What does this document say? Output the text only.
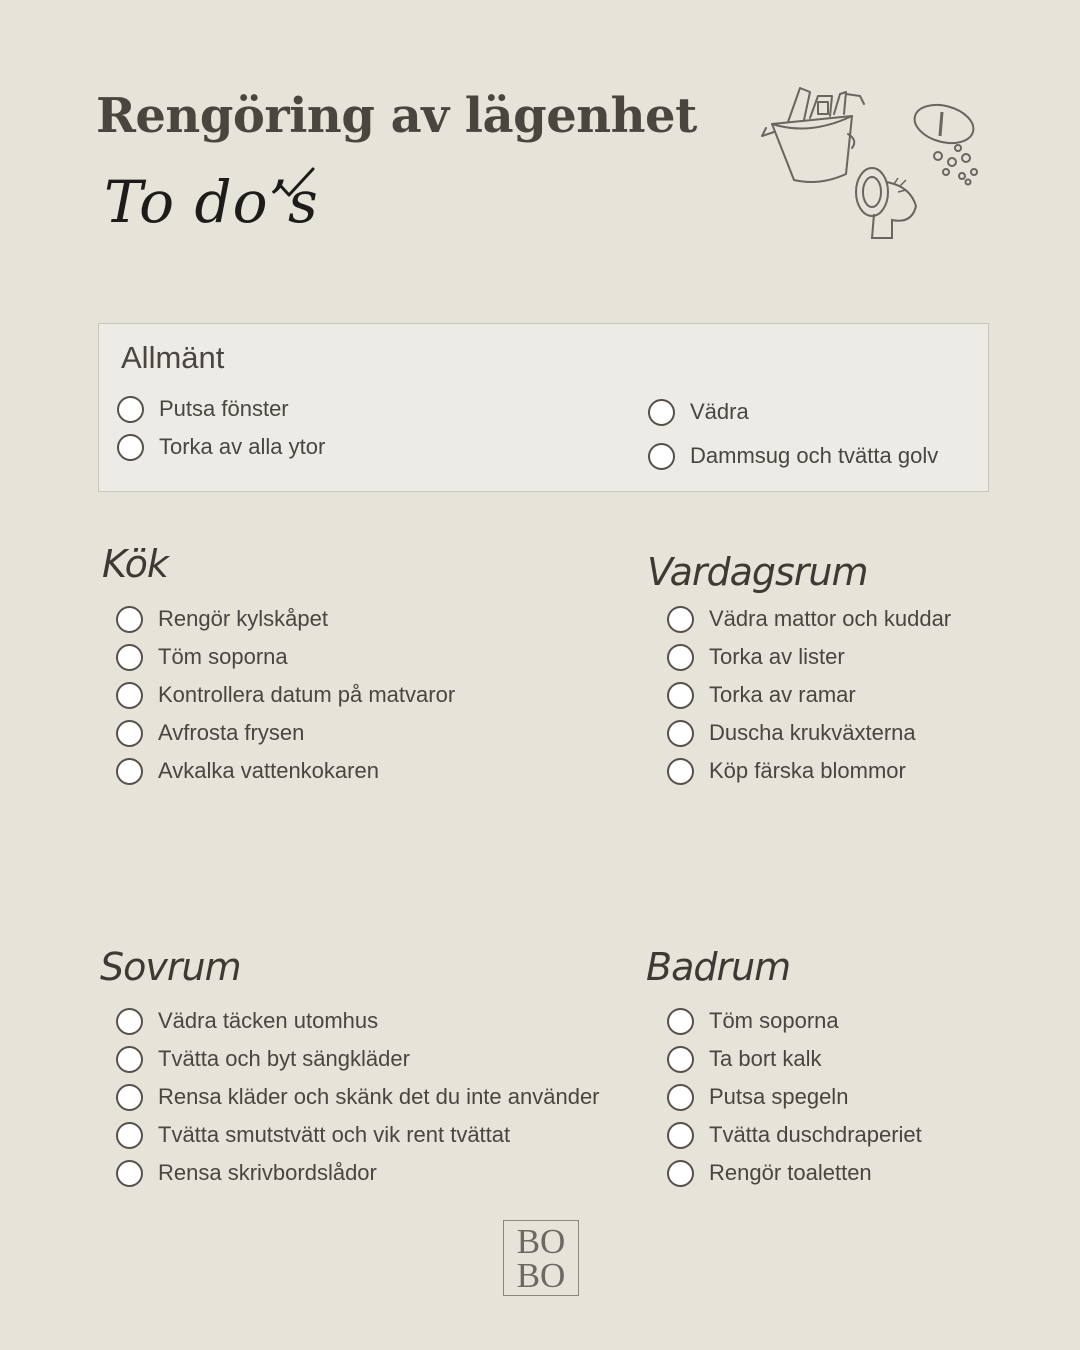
Rengöring av lägenhet
To do’s
Allmänt
Putsa fönster
Torka av alla ytor
Vädra
Dammsug och tvätta golv
Kök
Rengör kylskåpet
Töm soporna
Kontrollera datum på matvaror
Avfrosta frysen
Avkalka vattenkokaren
Vardagsrum
Vädra mattor och kuddar
Torka av lister
Torka av ramar
Duscha krukväxterna
Köp färska blommor
Sovrum
Vädra täcken utomhus
Tvätta och byt sängkläder
Rensa kläder och skänk det du inte använder
Tvätta smutstvätt och vik rent tvättat
Rensa skrivbordslådor
Badrum
Töm soporna
Ta bort kalk
Putsa spegeln
Tvätta duschdraperiet
Rengör toaletten
BO
BO
